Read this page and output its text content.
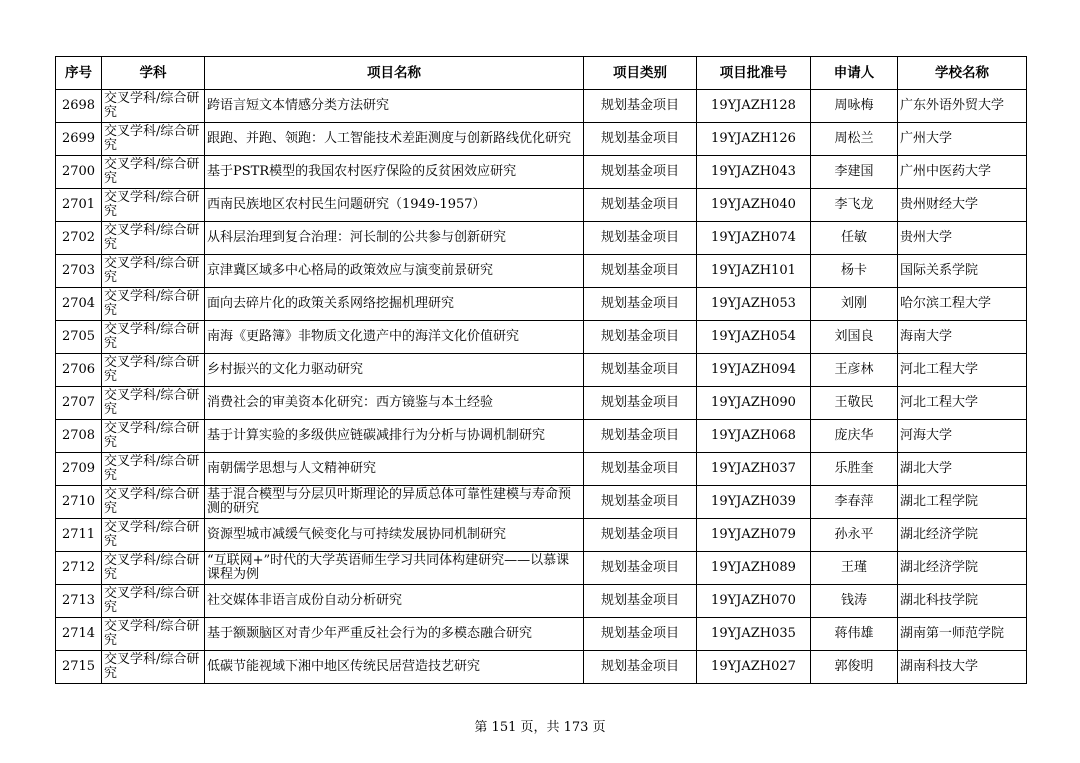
序号	学科	项目名称	项目类别	项目批准号	申请人	学校名称
2698	交叉学科/综合研究	跨语言短文本情感分类方法研究	规划基金项目	19YJAZH128	周咏梅	广东外语外贸大学
2699	交叉学科/综合研究	跟跑、并跑、领跑：人工智能技术差距测度与创新路线优化研究	规划基金项目	19YJAZH126	周松兰	广州大学
2700	交叉学科/综合研究	基于PSTR模型的我国农村医疗保险的反贫困效应研究	规划基金项目	19YJAZH043	李建国	广州中医药大学
2701	交叉学科/综合研究	西南民族地区农村民生问题研究（1949-1957）	规划基金项目	19YJAZH040	李飞龙	贵州财经大学
2702	交叉学科/综合研究	从科层治理到复合治理：河长制的公共参与创新研究	规划基金项目	19YJAZH074	任敏	贵州大学
2703	交叉学科/综合研究	京津冀区域多中心格局的政策效应与演变前景研究	规划基金项目	19YJAZH101	杨卡	国际关系学院
2704	交叉学科/综合研究	面向去碎片化的政策关系网络挖掘机理研究	规划基金项目	19YJAZH053	刘刚	哈尔滨工程大学
2705	交叉学科/综合研究	南海《更路簿》非物质文化遗产中的海洋文化价值研究	规划基金项目	19YJAZH054	刘国良	海南大学
2706	交叉学科/综合研究	乡村振兴的文化力驱动研究	规划基金项目	19YJAZH094	王彦林	河北工程大学
2707	交叉学科/综合研究	消费社会的审美资本化研究：西方镜鉴与本土经验	规划基金项目	19YJAZH090	王敬民	河北工程大学
2708	交叉学科/综合研究	基于计算实验的多级供应链碳减排行为分析与协调机制研究	规划基金项目	19YJAZH068	庞庆华	河海大学
2709	交叉学科/综合研究	南朝儒学思想与人文精神研究	规划基金项目	19YJAZH037	乐胜奎	湖北大学
2710	交叉学科/综合研究	基于混合模型与分层贝叶斯理论的异质总体可靠性建模与寿命预测的研究	规划基金项目	19YJAZH039	李春萍	湖北工程学院
2711	交叉学科/综合研究	资源型城市减缓气候变化与可持续发展协同机制研究	规划基金项目	19YJAZH079	孙永平	湖北经济学院
2712	交叉学科/综合研究	“互联网+”时代的大学英语师生学习共同体构建研究——以慕课课程为例	规划基金项目	19YJAZH089	王瑾	湖北经济学院
2713	交叉学科/综合研究	社交媒体非语言成份自动分析研究	规划基金项目	19YJAZH070	钱涛	湖北科技学院
2714	交叉学科/综合研究	基于额颞脑区对青少年严重反社会行为的多模态融合研究	规划基金项目	19YJAZH035	蒋伟雄	湖南第一师范学院
2715	交叉学科/综合研究	低碳节能视域下湘中地区传统民居营造技艺研究	规划基金项目	19YJAZH027	郭俊明	湖南科技大学
第 151 页，共 173 页
